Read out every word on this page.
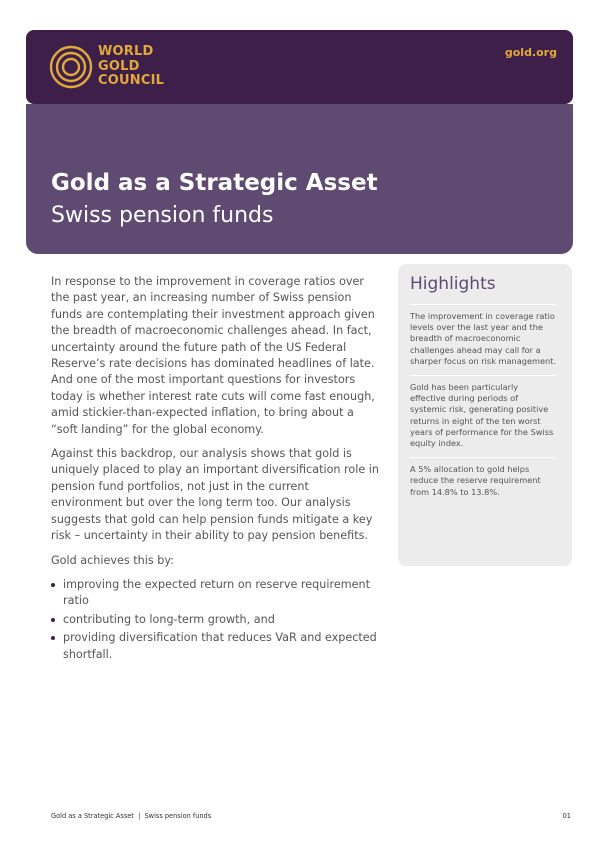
WORLD
GOLD
COUNCIL
gold.org
Gold as a Strategic Asset
Swiss pension funds

In response to the improvement in coverage ratios over the past year, an increasing number of Swiss pension funds are contemplating their investment approach given the breadth of macroeconomic challenges ahead. In fact, uncertainty around the future path of the US Federal Reserve’s rate decisions has dominated headlines of late. And one of the most important questions for investors today is whether interest rate cuts will come fast enough, amid stickier-than-expected inflation, to bring about a “soft landing” for the global economy.

Against this backdrop, our analysis shows that gold is uniquely placed to play an important diversification role in pension fund portfolios, not just in the current environment but over the long term too. Our analysis suggests that gold can help pension funds mitigate a key risk – uncertainty in their ability to pay pension benefits.

Gold achieves this by:

improving the expected return on reserve requirement ratio
contributing to long-term growth, and
providing diversification that reduces VaR and expected shortfall.
Highlights
The improvement in coverage ratio levels over the last year and the breadth of macroeconomic challenges ahead may call for a sharper focus on risk management.
Gold has been particularly effective during periods of systemic risk, generating positive returns in eight of the ten worst years of performance for the Swiss equity index.
A 5% allocation to gold helps reduce the reserve requirement from 14.8% to 13.8%.
Gold as a Strategic Asset  |  Swiss pension funds	01
